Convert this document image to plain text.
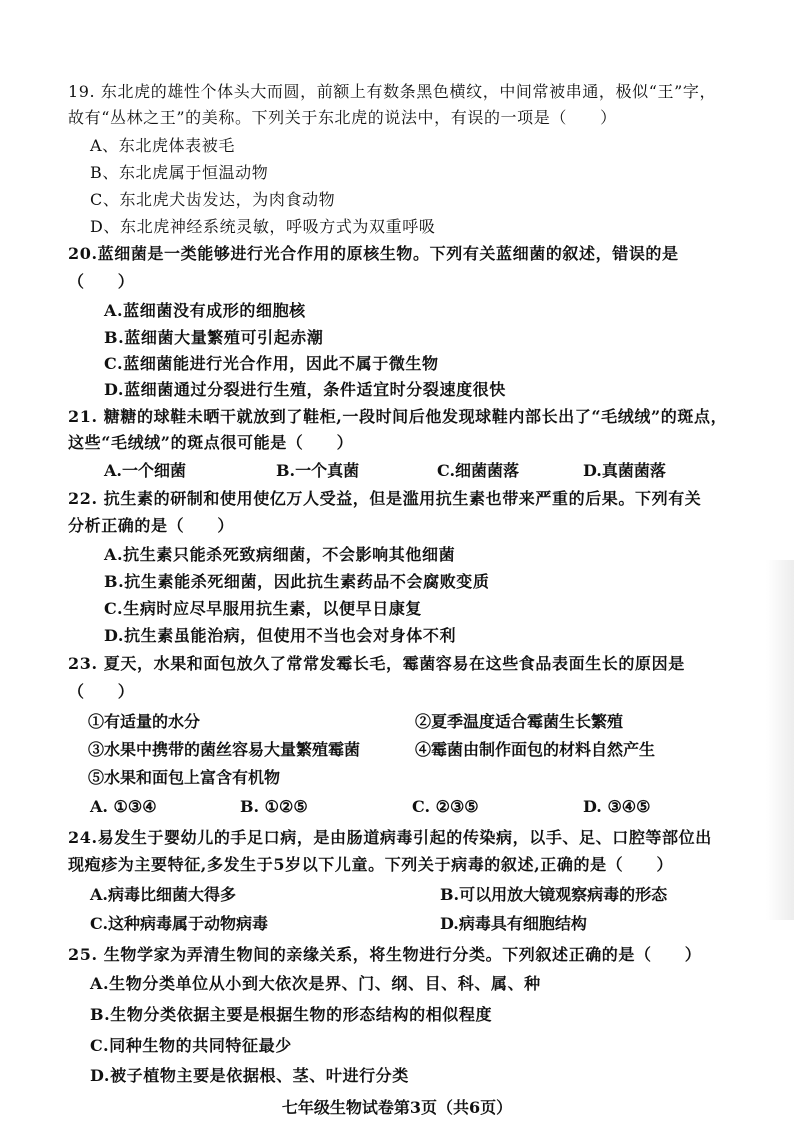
19. 东北虎的雄性个体头大而圆，前额上有数条黑色横纹，中间常被串通，极似“王”字，
故有“丛林之王”的美称。下列关于东北虎的说法中，有误的一项是（　　）
A、东北虎体表被毛
B、东北虎属于恒温动物
C、东北虎犬齿发达，为肉食动物
D、东北虎神经系统灵敏，呼吸方式为双重呼吸
20.蓝细菌是一类能够进行光合作用的原核生物。下列有关蓝细菌的叙述，错误的是
（　　）
A.蓝细菌没有成形的细胞核
B.蓝细菌大量繁殖可引起赤潮
C.蓝细菌能进行光合作用，因此不属于微生物
D.蓝细菌通过分裂进行生殖，条件适宜时分裂速度很快
21. 糖糖的球鞋未晒干就放到了鞋柜,一段时间后他发现球鞋内部长出了“毛绒绒”的斑点，
这些“毛绒绒”的斑点很可能是（　　）
A.一个细菌	B.一个真菌	C.细菌菌落	D.真菌菌落
22. 抗生素的研制和使用使亿万人受益，但是滥用抗生素也带来严重的后果。下列有关
分析正确的是（　　）
A.抗生素只能杀死致病细菌，不会影响其他细菌
B.抗生素能杀死细菌，因此抗生素药品不会腐败变质
C.生病时应尽早服用抗生素，以便早日康复
D.抗生素虽能治病，但使用不当也会对身体不利
23. 夏天，水果和面包放久了常常发霉长毛，霉菌容易在这些食品表面生长的原因是
（　　）
①有适量的水分	②夏季温度适合霉菌生长繁殖
③水果中携带的菌丝容易大量繁殖霉菌	④霉菌由制作面包的材料自然产生
⑤水果和面包上富含有机物
A. ①③④	B. ①②⑤	C. ②③⑤	D. ③④⑤
24.易发生于婴幼儿的手足口病，是由肠道病毒引起的传染病，以手、足、口腔等部位出
现疱疹为主要特征,多发生于5岁以下儿童。下列关于病毒的叙述,正确的是（　　）
A.病毒比细菌大得多	B.可以用放大镜观察病毒的形态
C.这种病毒属于动物病毒	D.病毒具有细胞结构
25. 生物学家为弄清生物间的亲缘关系，将生物进行分类。下列叙述正确的是（　　）
A.生物分类单位从小到大依次是界、门、纲、目、科、属、种
B.生物分类依据主要是根据生物的形态结构的相似程度
C.同种生物的共同特征最少
D.被子植物主要是依据根、茎、叶进行分类
七年级生物试卷第3页（共6页）
